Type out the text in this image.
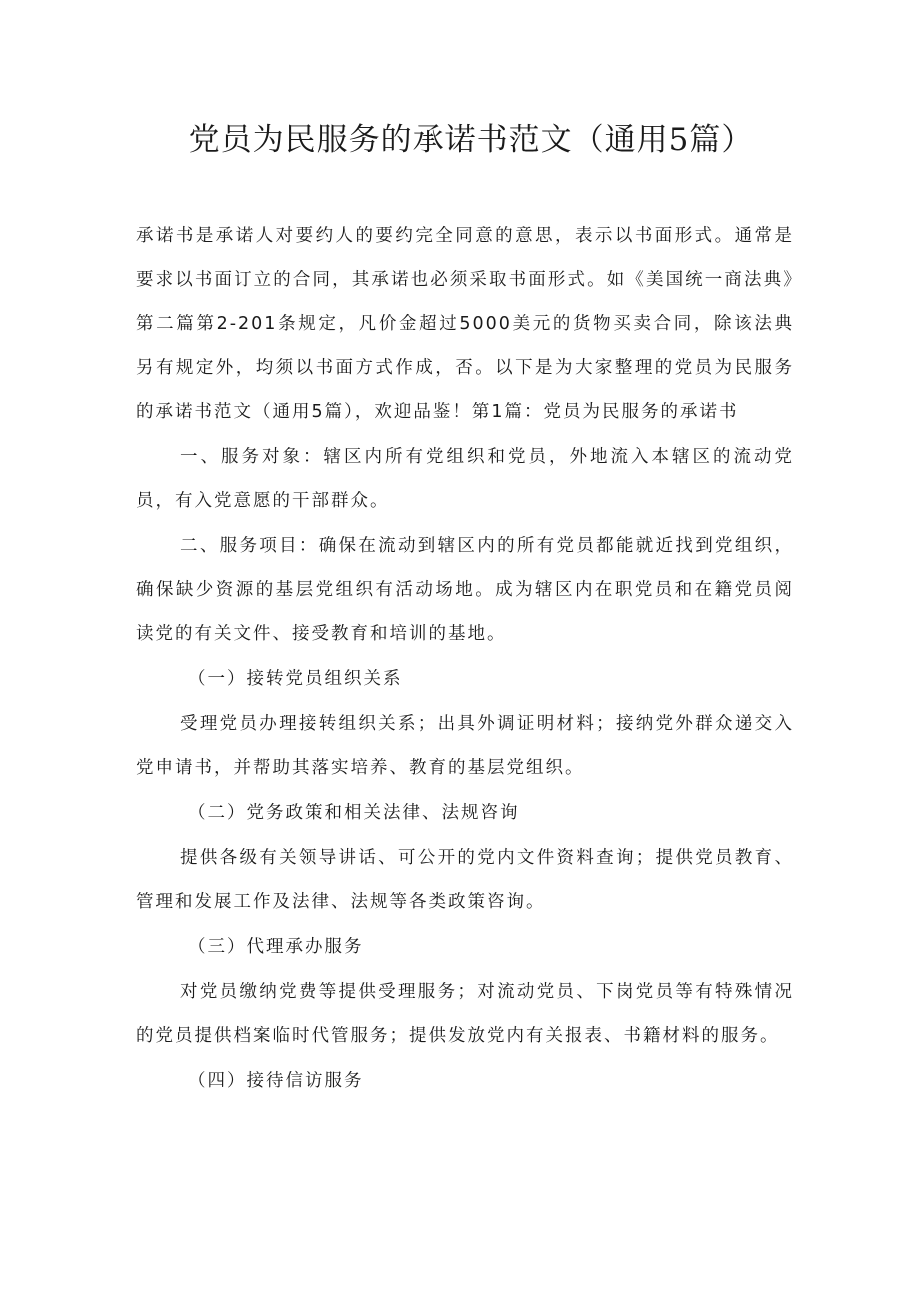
党员为民服务的承诺书范文（通用5篇）

承诺书是承诺人对要约人的要约完全同意的意思，表示以书面形式。通常是要求以书面订立的合同，其承诺也必须采取书面形式。如《美国统一商法典》第二篇第2-201条规定，凡价金超过5000美元的货物买卖合同，除该法典另有规定外，均须以书面方式作成，否。以下是为大家整理的党员为民服务的承诺书范文（通用5篇），欢迎品鉴！第1篇：党员为民服务的承诺书

一、服务对象：辖区内所有党组织和党员，外地流入本辖区的流动党员，有入党意愿的干部群众。

二、服务项目：确保在流动到辖区内的所有党员都能就近找到党组织，确保缺少资源的基层党组织有活动场地。成为辖区内在职党员和在籍党员阅读党的有关文件、接受教育和培训的基地。

（一）接转党员组织关系

受理党员办理接转组织关系；出具外调证明材料；接纳党外群众递交入党申请书，并帮助其落实培养、教育的基层党组织。

（二）党务政策和相关法律、法规咨询

提供各级有关领导讲话、可公开的党内文件资料查询；提供党员教育、管理和发展工作及法律、法规等各类政策咨询。

（三）代理承办服务

对党员缴纳党费等提供受理服务；对流动党员、下岗党员等有特殊情况的党员提供档案临时代管服务；提供发放党内有关报表、书籍材料的服务。

（四）接待信访服务
